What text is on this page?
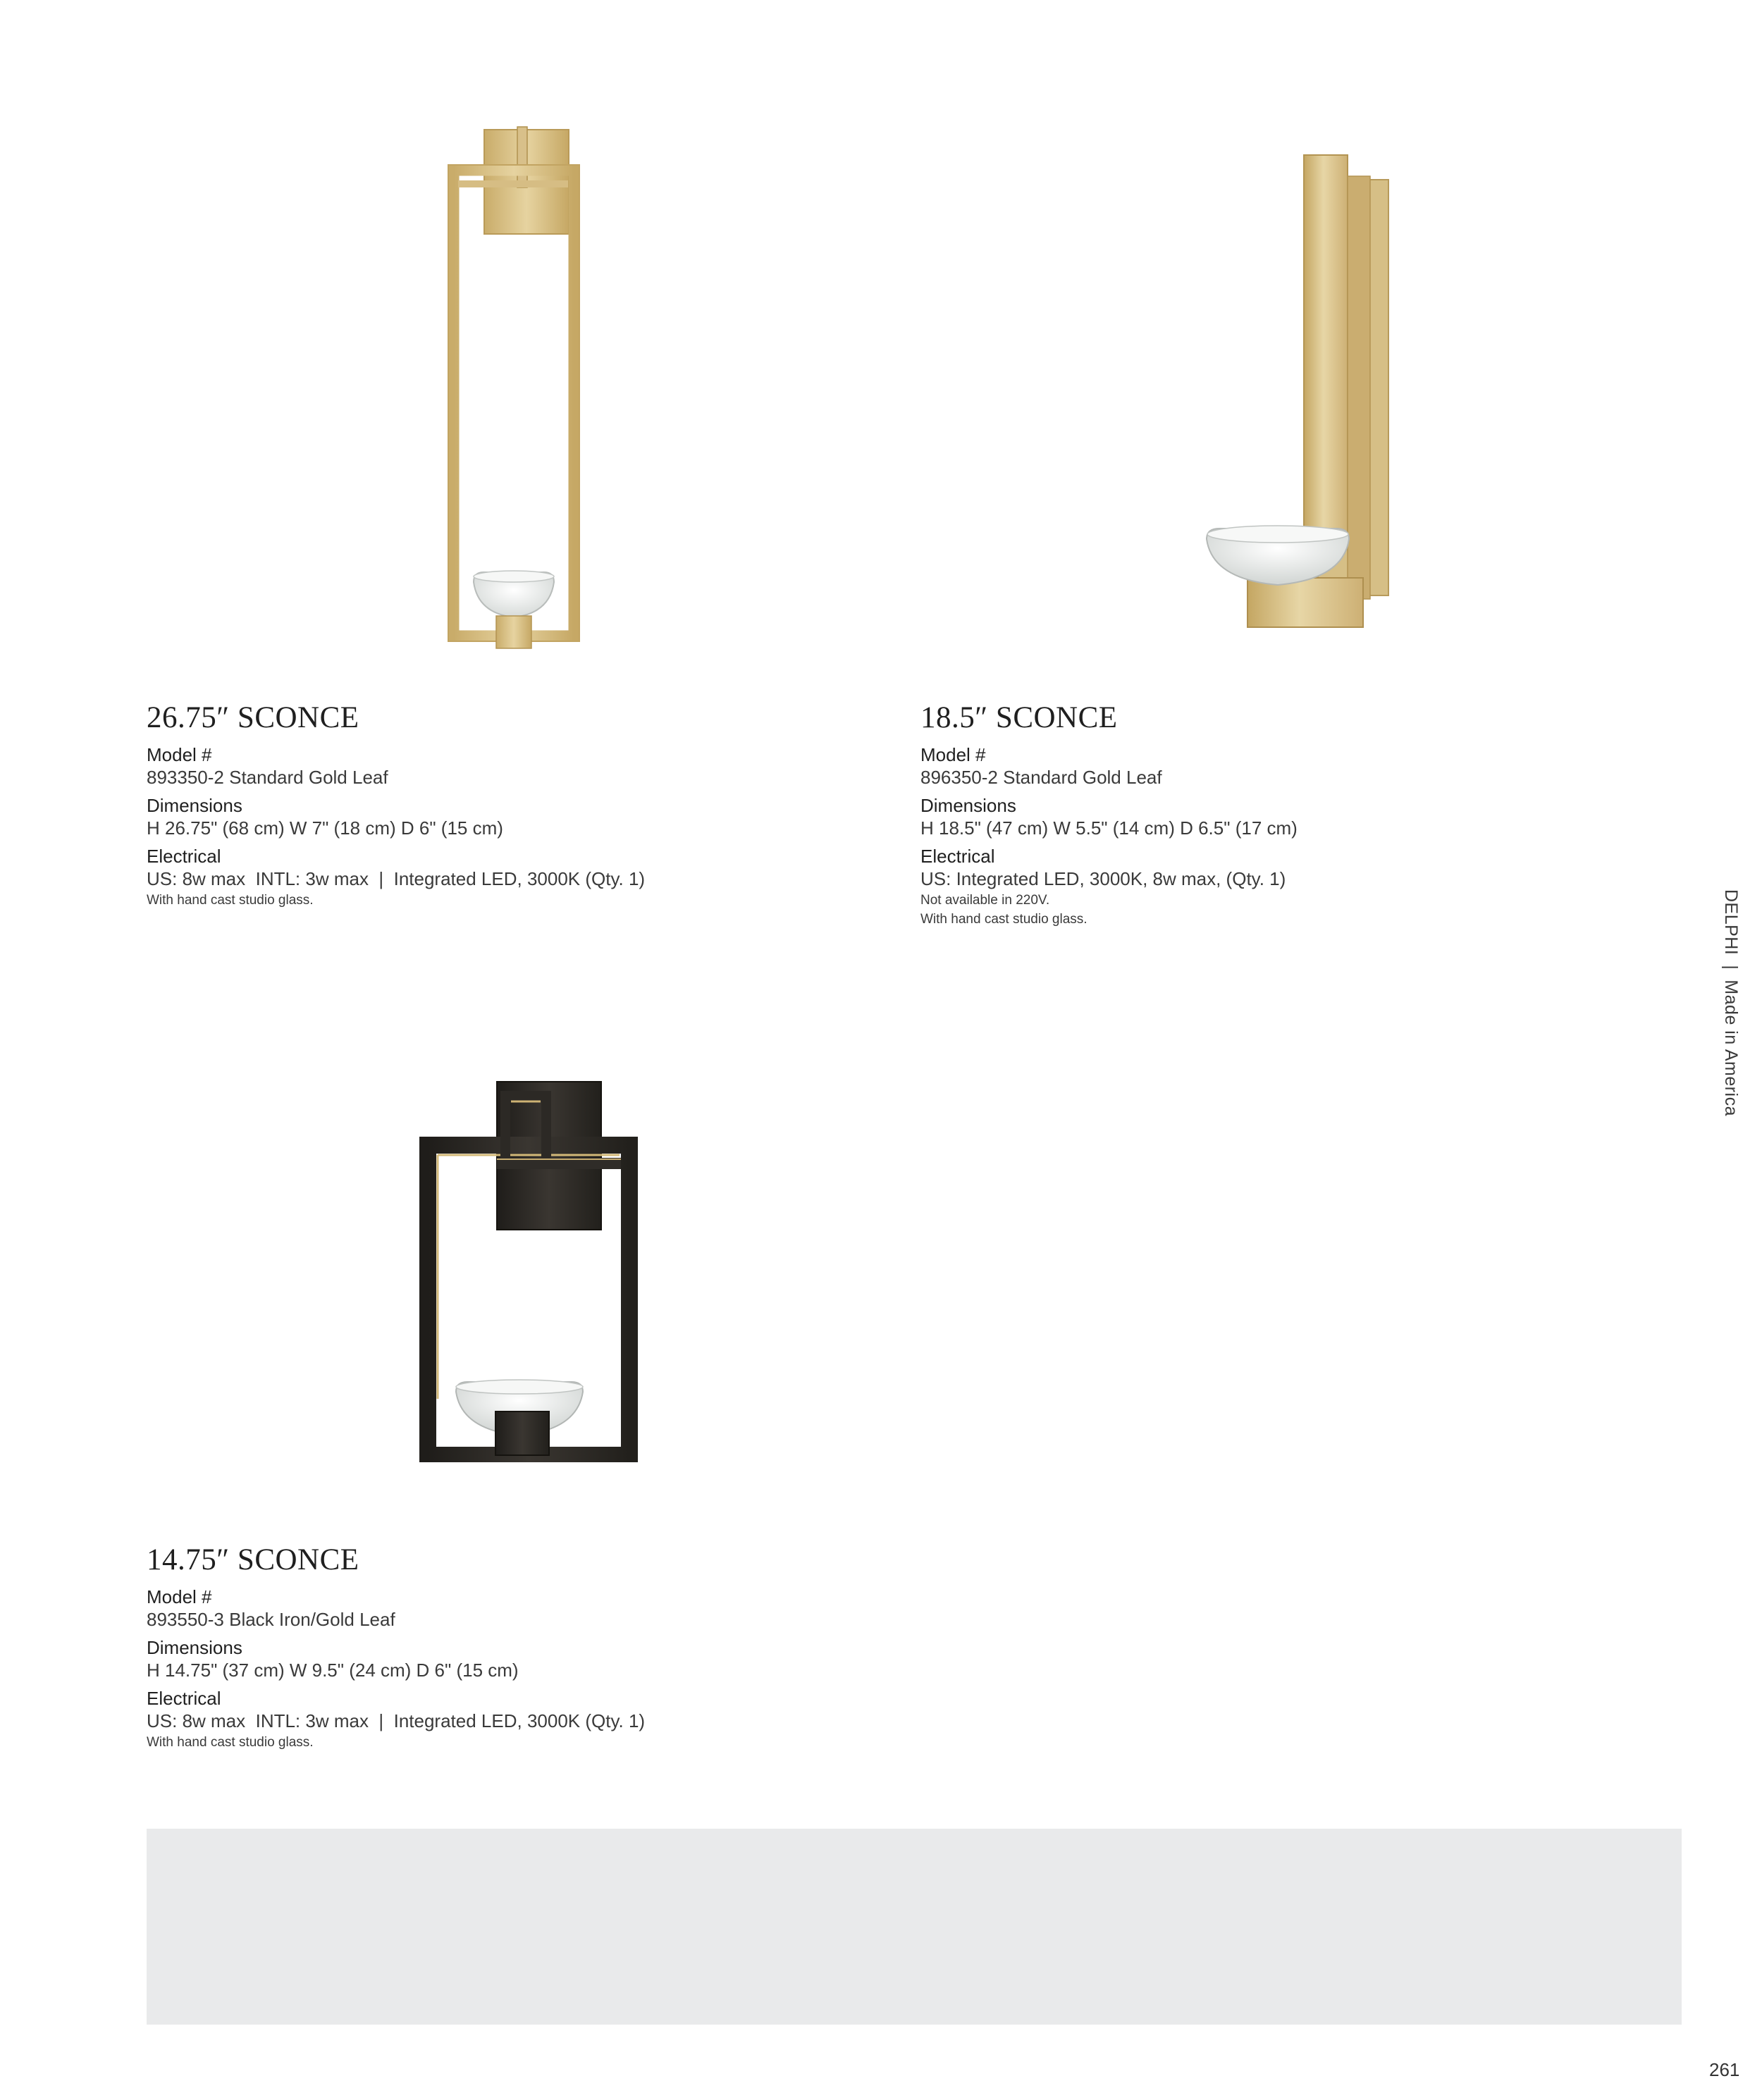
26.75″ SCONCE
Model #
893350-2 Standard Gold Leaf
Dimensions
H 26.75" (68 cm) W 7" (18 cm) D 6" (15 cm)
Electrical
US: 8w max  INTL: 3w max  |  Integrated LED, 3000K (Qty. 1)
With hand cast studio glass.
18.5″ SCONCE
Model #
896350-2 Standard Gold Leaf
Dimensions
H 18.5" (47 cm) W 5.5" (14 cm) D 6.5" (17 cm)
Electrical
US: Integrated LED, 3000K, 8w max, (Qty. 1)
Not available in 220V.
With hand cast studio glass.
14.75″ SCONCE
Model #
893550-3 Black Iron/Gold Leaf
Dimensions
H 14.75" (37 cm) W 9.5" (24 cm) D 6" (15 cm)
Electrical
US: 8w max  INTL: 3w max  |  Integrated LED, 3000K (Qty. 1)
With hand cast studio glass.
DELPHI|Made in America
261
